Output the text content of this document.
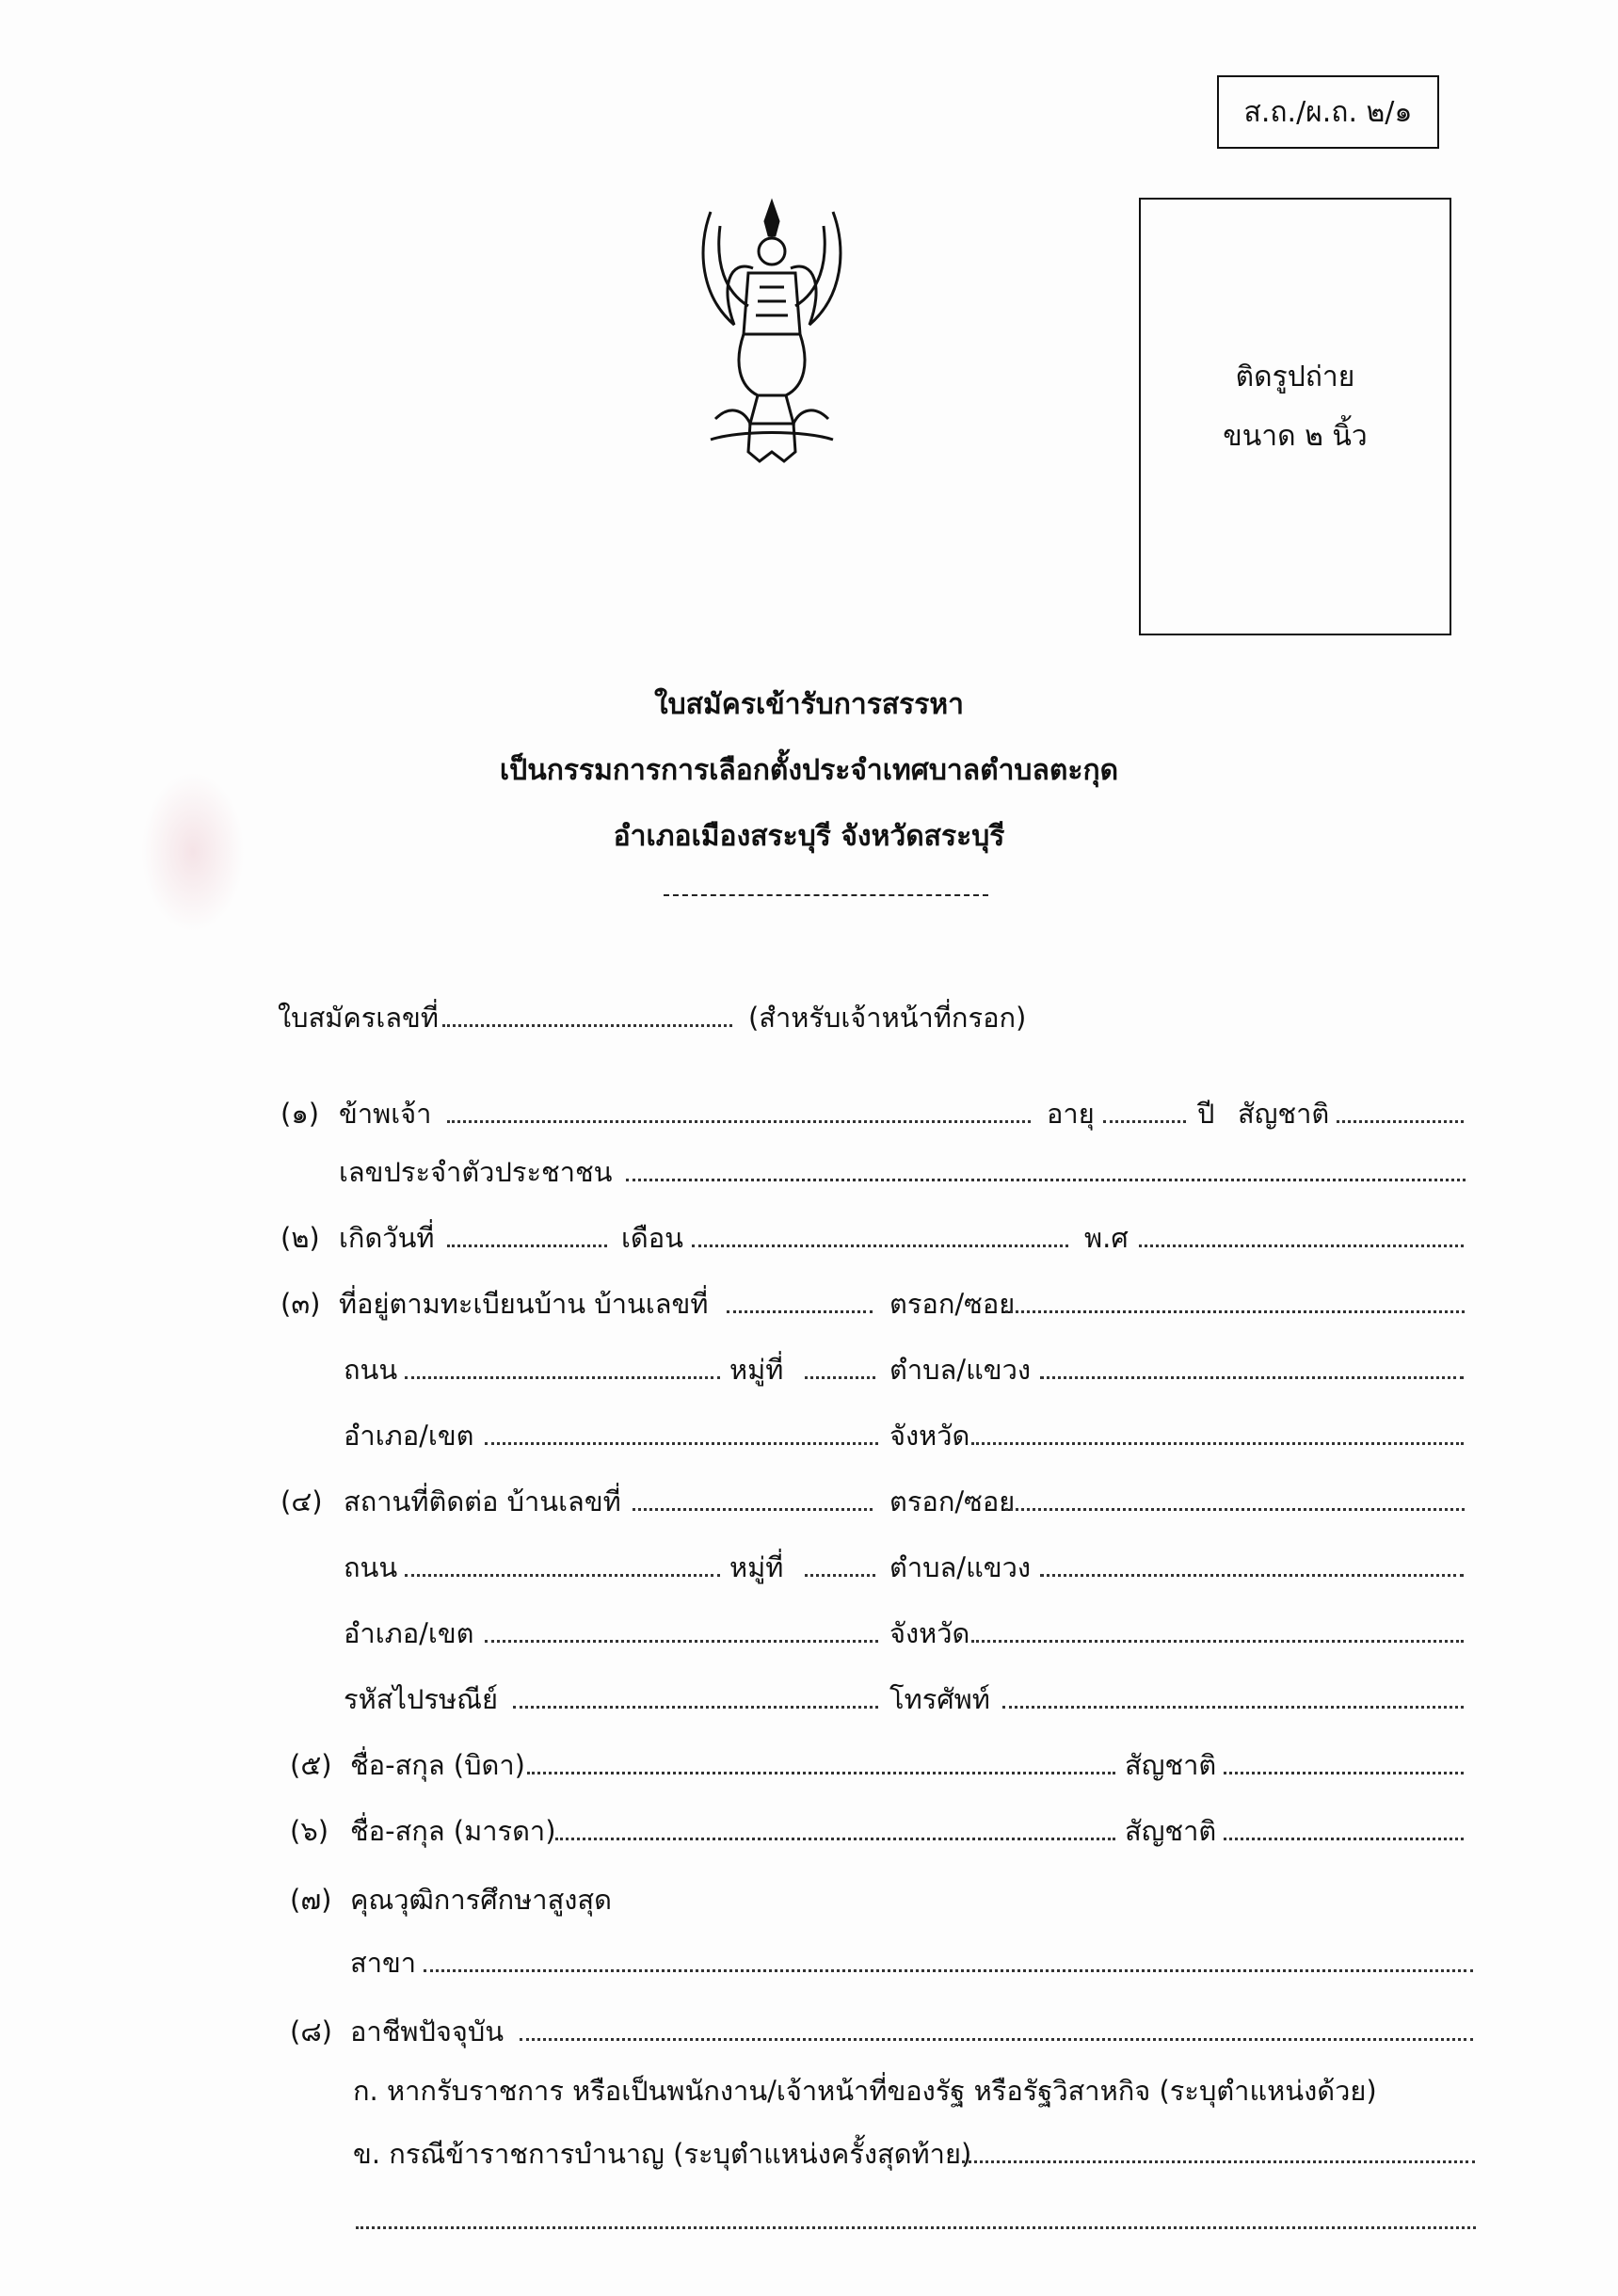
ส.ถ./ผ.ถ. ๒/๑
ติดรูปถ่าย
ขนาด ๒ นิ้ว
ใบสมัครเข้ารับการสรรหา
เป็นกรรมการการเลือกตั้งประจำเทศบาลตำบลตะกุด
อำเภอเมืองสระบุรี จังหวัดสระบุรี
ใบสมัครเลขที่	(สำหรับเจ้าหน้าที่กรอก)
(๑) ข้าพเจ้า	อายุ	ปี สัญชาติ
เลขประจำตัวประชาชน
(๒) เกิดวันที่	เดือน	พ.ศ
(๓) ที่อยู่ตามทะเบียนบ้าน บ้านเลขที่	ตรอก/ซอย
ถนน	หมู่ที่	ตำบล/แขวง
อำเภอ/เขต	จังหวัด
(๔) สถานที่ติดต่อ บ้านเลขที่	ตรอก/ซอย
ถนน	หมู่ที่	ตำบล/แขวง
อำเภอ/เขต	จังหวัด
รหัสไปรษณีย์	โทรศัพท์
(๕) ชื่อ-สกุล (บิดา)	สัญชาติ
(๖) ชื่อ-สกุล (มารดา)	สัญชาติ
(๗) คุณวุฒิการศึกษาสูงสุด
สาขา
(๘) อาชีพปัจจุบัน
ก. หากรับราชการ หรือเป็นพนักงาน/เจ้าหน้าที่ของรัฐ หรือรัฐวิสาหกิจ (ระบุตำแหน่งด้วย)
ข. กรณีข้าราชการบำนาญ (ระบุตำแหน่งครั้งสุดท้าย)
